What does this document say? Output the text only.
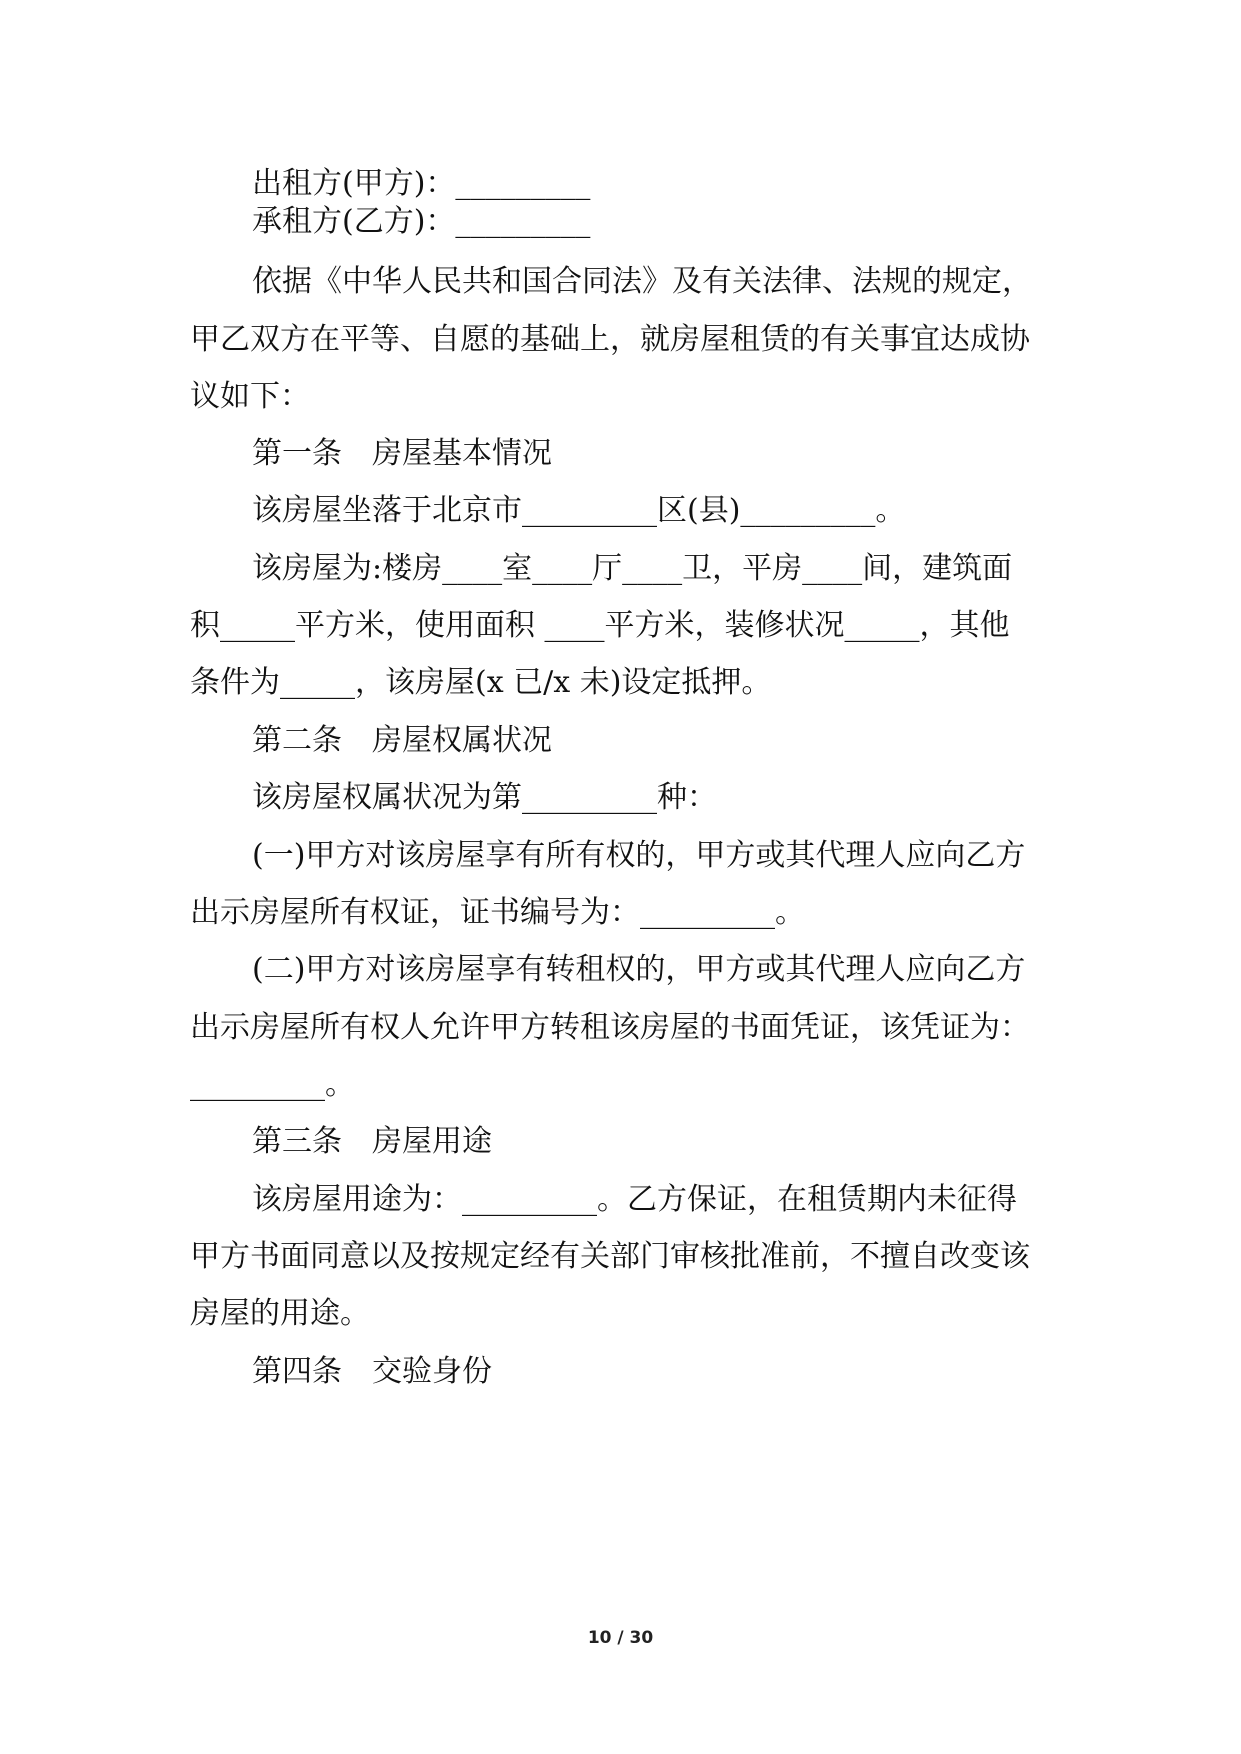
出租方(甲方)：_________
承租方(乙方)：_________
依据《中华人民共和国合同法》及有关法律、法规的规定，
甲乙双方在平等、自愿的基础上，就房屋租赁的有关事宜达成协
议如下：
第一条　房屋基本情况
该房屋坐落于北京市_________区(县)_________。
该房屋为:楼房____室____厅____卫，平房____间，建筑面
积_____平方米，使用面积 ____平方米，装修状况_____，其他
条件为_____，该房屋(x 已/x 未)设定抵押。
第二条　房屋权属状况
该房屋权属状况为第_________种：
(一)甲方对该房屋享有所有权的，甲方或其代理人应向乙方
出示房屋所有权证，证书编号为：_________。
(二)甲方对该房屋享有转租权的，甲方或其代理人应向乙方
出示房屋所有权人允许甲方转租该房屋的书面凭证，该凭证为：
_________。
第三条　房屋用途
该房屋用途为：_________。乙方保证，在租赁期内未征得
甲方书面同意以及按规定经有关部门审核批准前，不擅自改变该
房屋的用途。
第四条　交验身份
10 / 30
